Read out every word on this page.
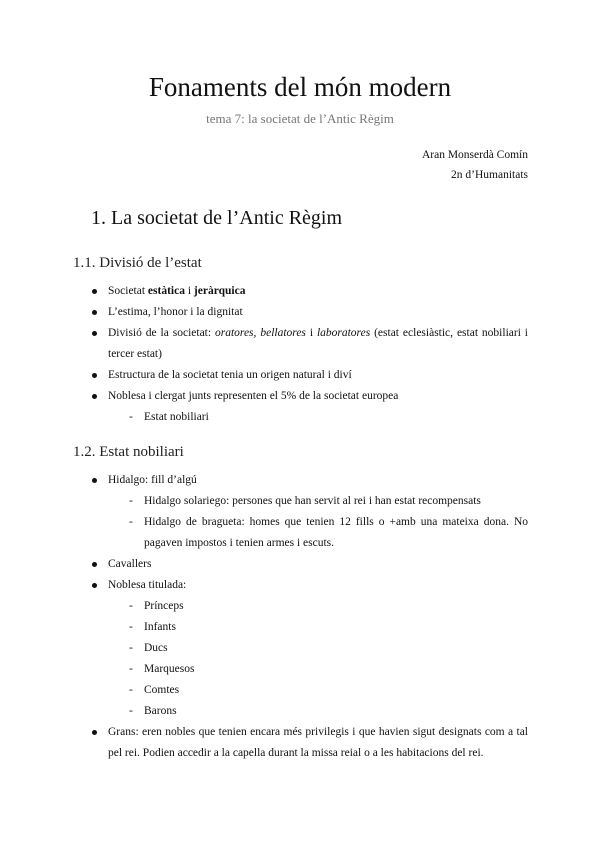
Fonaments del món modern
tema 7: la societat de l’Antic Règim
Aran Monserdà Comín
2n d’Humanitats
1. La societat de l’Antic Règim
1.1. Divisió de l’estat
Societat estàtica i jeràrquica
L’estima, l’honor i la dignitat
Divisió de la societat: oratores, bellatores i laboratores (estat eclesiàstic, estat nobiliari i tercer estat)
Estructura de la societat tenia un origen natural i diví
Noblesa i clergat junts representen el 5% de la societat europea
- Estat nobiliari
1.2. Estat nobiliari
Hidalgo: fill d’algú
- Hidalgo solariego: persones que han servit al rei i han estat recompensats
- Hidalgo de bragueta: homes que tenien 12 fills o +amb una mateixa dona. No pagaven impostos i tenien armes i escuts.
Cavallers
Noblesa titulada:
- Prínceps
- Infants
- Ducs
- Marquesos
- Comtes
- Barons
Grans: eren nobles que tenien encara més privilegis i que havien sigut designats com a tal pel rei. Podien accedir a la capella durant la missa reial o a les habitacions del rei.
